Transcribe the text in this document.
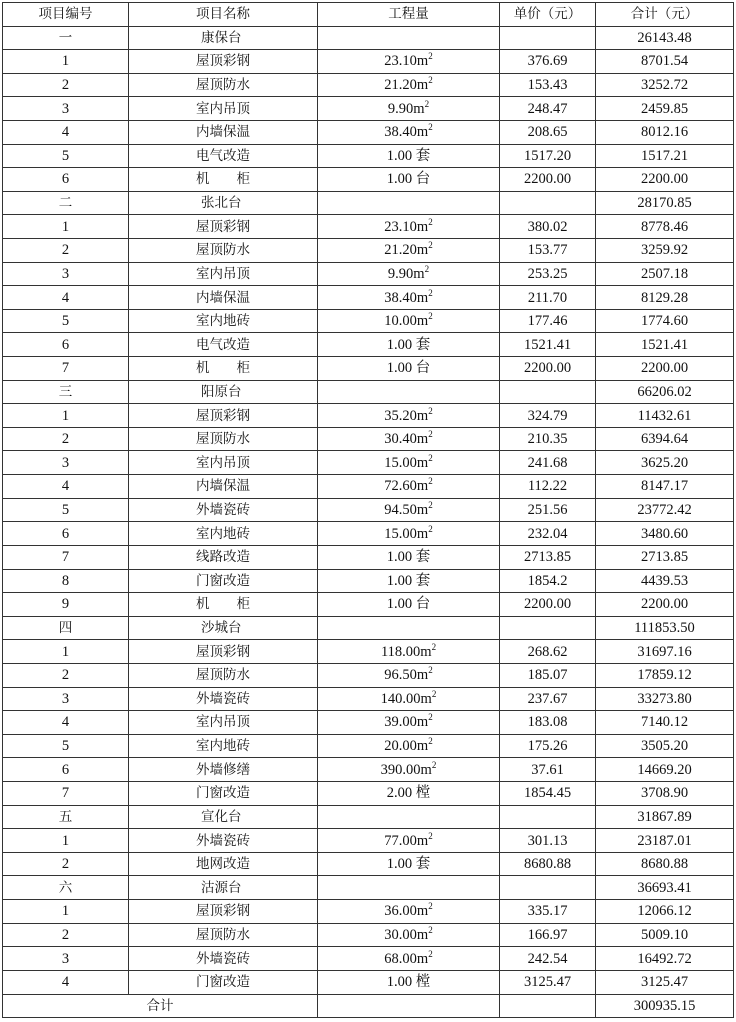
项目编号	项目名称	工程量	单价（元）	合计（元）
一	康保台			26143.48
1	屋顶彩钢	$23.10m^2$	376.69	8701.54
2	屋顶防水	$21.20m^2$	153.43	3252.72
3	室内吊顶	$9.90m^2$	248.47	2459.85
4	内墙保温	$38.40m^2$	208.65	8012.16
5	电气改造	1.00 套	1517.20	1517.21
6	机　　柜	1.00 台	2200.00	2200.00
二	张北台			28170.85
1	屋顶彩钢	$23.10m^2$	380.02	8778.46
2	屋顶防水	$21.20m^2$	153.77	3259.92
3	室内吊顶	$9.90m^2$	253.25	2507.18
4	内墙保温	$38.40m^2$	211.70	8129.28
5	室内地砖	$10.00m^2$	177.46	1774.60
6	电气改造	1.00 套	1521.41	1521.41
7	机　　柜	1.00 台	2200.00	2200.00
三	阳原台			66206.02
1	屋顶彩钢	$35.20m^2$	324.79	11432.61
2	屋顶防水	$30.40m^2$	210.35	6394.64
3	室内吊顶	$15.00m^2$	241.68	3625.20
4	内墙保温	$72.60m^2$	112.22	8147.17
5	外墙瓷砖	$94.50m^2$	251.56	23772.42
6	室内地砖	$15.00m^2$	232.04	3480.60
7	线路改造	1.00 套	2713.85	2713.85
8	门窗改造	1.00 套	1854.2	4439.53
9	机　　柜	1.00 台	2200.00	2200.00
四	沙城台			111853.50
1	屋顶彩钢	$118.00m^2$	268.62	31697.16
2	屋顶防水	$96.50m^2$	185.07	17859.12
3	外墙瓷砖	$140.00m^2$	237.67	33273.80
4	室内吊顶	$39.00m^2$	183.08	7140.12
5	室内地砖	$20.00m^2$	175.26	3505.20
6	外墙修缮	$390.00m^2$	37.61	14669.20
7	门窗改造	2.00 樘	1854.45	3708.90
五	宣化台			31867.89
1	外墙瓷砖	$77.00m^2$	301.13	23187.01
2	地网改造	1.00 套	8680.88	8680.88
六	沽源台			36693.41
1	屋顶彩钢	$36.00m^2$	335.17	12066.12
2	屋顶防水	$30.00m^2$	166.97	5009.10
3	外墙瓷砖	$68.00m^2$	242.54	16492.72
4	门窗改造	1.00 樘	3125.47	3125.47
合计				300935.15
